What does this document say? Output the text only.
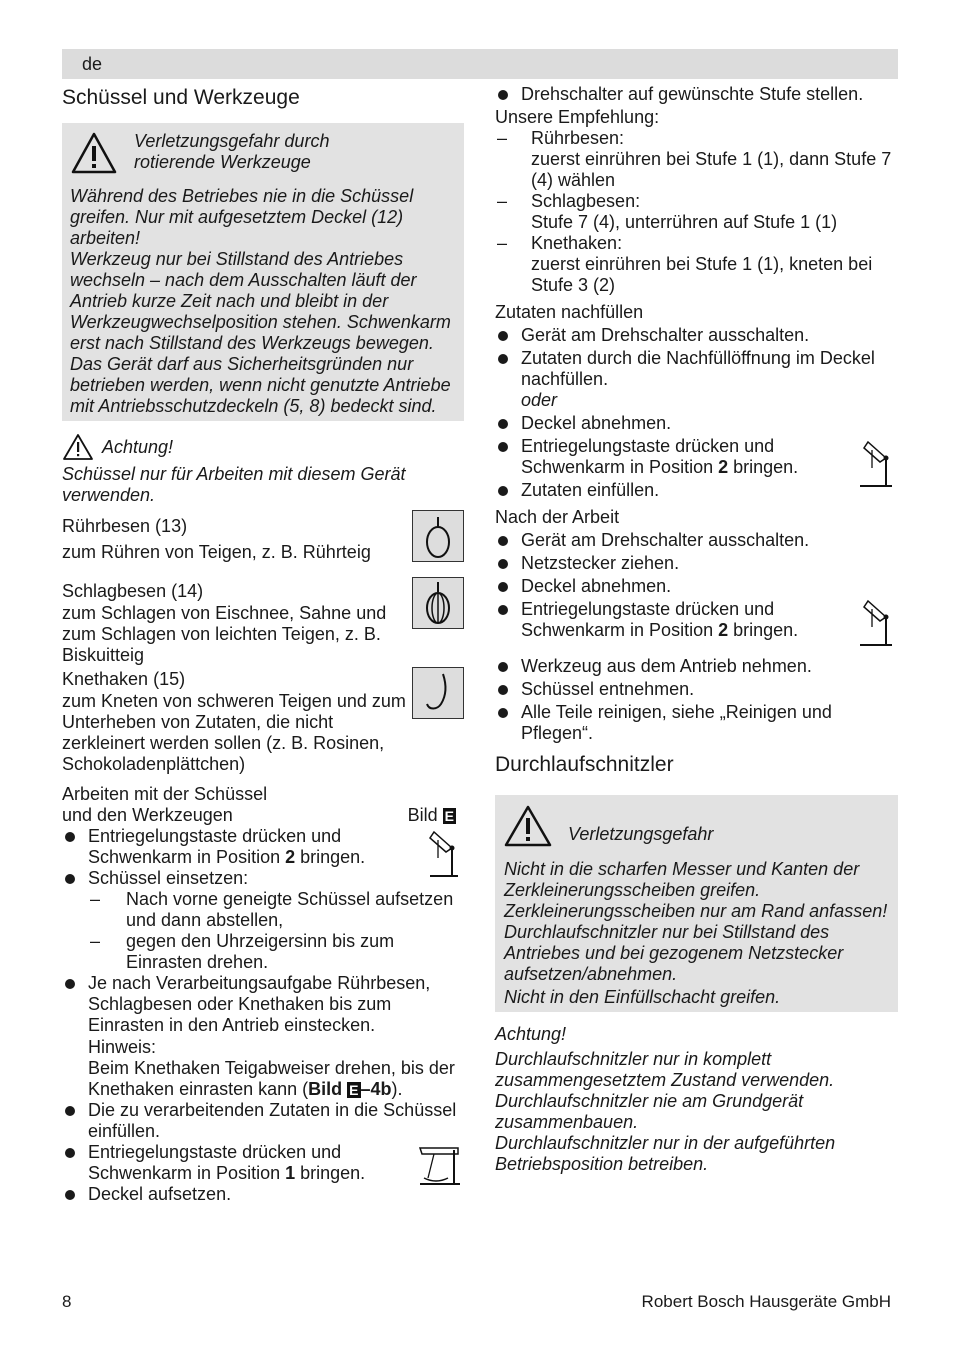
de
Schüssel und Werkzeuge

Verletzungsgefahr durch rotierende Werkzeuge

Während des Betriebes nie in die Schüssel greifen. Nur mit aufgesetztem Deckel (12) arbeiten!

Werkzeug nur bei Stillstand des Antriebes wechseln – nach dem Ausschalten läuft der Antrieb kurze Zeit nach und bleibt in der Werkzeugwechselposition stehen. Schwenkarm erst nach Stillstand des Werkzeugs bewegen.

Das Gerät darf aus Sicherheitsgründen nur betrieben werden, wenn nicht genutzte Antriebe mit Antriebsschutzdeckeln (5, 8) bedeckt sind.

Achtung!

Schüssel nur für Arbeiten mit diesem Gerät verwenden.

Rührbesen (13)

zum Rühren von Teigen, z. B. Rührteig

Schlagbesen (14)

zum Schlagen von Eischnee, Sahne und zum Schlagen von leichten Teigen, z. B. Biskuitteig

Knethaken (15)

zum Kneten von schweren Teigen und zum Unterheben von Zutaten, die nicht zerkleinert werden sollen (z. B. Rosinen, Schokoladenplättchen)

Arbeiten mit der Schüssel

und den Werkzeugen	Bild E
Entriegelungstaste drücken und Schwenkarm in Position 2 bringen.
Schüssel einsetzen:
– Nach vorne geneigte Schüssel aufsetzen und dann abstellen,
– gegen den Uhrzeigersinn bis zum Einrasten drehen.
Je nach Verarbeitungsaufgabe Rührbesen, Schlagbesen oder Knethaken bis zum Einrasten in den Antrieb einstecken.
Hinweis:
Beim Knethaken Teigabweiser drehen, bis der Knethaken einrasten kann (Bild E –4b).
Die zu verarbeitenden Zutaten in die Schüssel einfüllen.
Entriegelungstaste drücken und Schwenkarm in Position 1 bringen.
Deckel aufsetzen.
Drehschalter auf gewünschte Stufe stellen.

Unsere Empfehlung:

– Rührbesen:
zuerst einrühren bei Stufe 1 (1), dann Stufe 7 (4) wählen
– Schlagbesen:
Stufe 7 (4), unterrühren auf Stufe 1 (1)
– Knethaken:
zuerst einrühren bei Stufe 1 (1), kneten bei Stufe 3 (2)

Zutaten nachfüllen

Gerät am Drehschalter ausschalten.
Zutaten durch die Nachfüllöffnung im Deckel nachfüllen.
oder
Deckel abnehmen.
Entriegelungstaste drücken und Schwenkarm in Position 2 bringen.
Zutaten einfüllen.

Nach der Arbeit

Gerät am Drehschalter ausschalten.
Netzstecker ziehen.
Deckel abnehmen.
Entriegelungstaste drücken und Schwenkarm in Position 2 bringen.
Werkzeug aus dem Antrieb nehmen.
Schüssel entnehmen.
Alle Teile reinigen, siehe „Reinigen und Pflegen“.
Durchlaufschnitzler

Verletzungsgefahr

Nicht in die scharfen Messer und Kanten der Zerkleinerungsscheiben greifen.

Zerkleinerungsscheiben nur am Rand anfassen!

Durchlaufschnitzler nur bei Stillstand des Antriebes und bei gezogenem Netzstecker aufsetzen/abnehmen.

Nicht in den Einfüllschacht greifen.

Achtung!

Durchlaufschnitzler nur in komplett zusammengesetztem Zustand verwenden.

Durchlaufschnitzler nie am Grundgerät zusammenbauen.

Durchlaufschnitzler nur in der aufgeführten Betriebsposition betreiben.

8	Robert Bosch Hausgeräte GmbH
